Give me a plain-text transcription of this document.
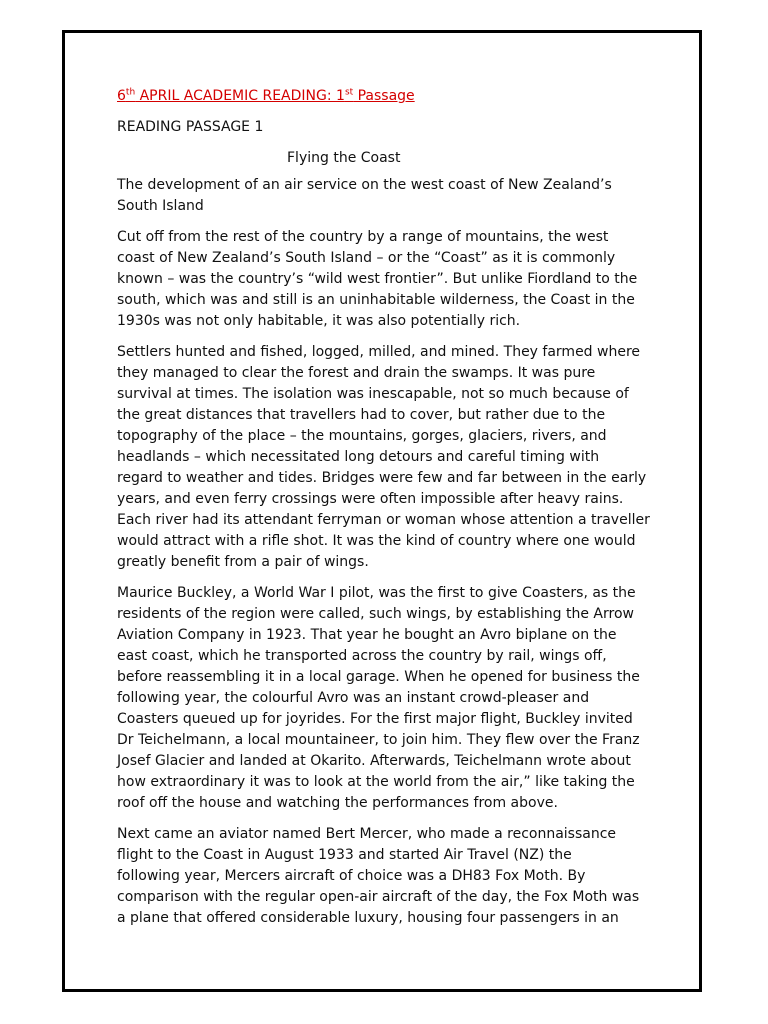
6th APRIL ACADEMIC READING: 1st Passage
READING PASSAGE 1
Flying the Coast
The development of an air service on the west coast of New Zealand’s
South Island
Cut off from the rest of the country by a range of mountains, the west
coast of New Zealand’s South Island – or the “Coast” as it is commonly
known – was the country’s “wild west frontier”. But unlike Fiordland to the
south, which was and still is an uninhabitable wilderness, the Coast in the
1930s was not only habitable, it was also potentially rich.
Settlers hunted and fished, logged, milled, and mined. They farmed where
they managed to clear the forest and drain the swamps. It was pure
survival at times. The isolation was inescapable, not so much because of
the great distances that travellers had to cover, but rather due to the
topography of the place – the mountains, gorges, glaciers, rivers, and
headlands – which necessitated long detours and careful timing with
regard to weather and tides. Bridges were few and far between in the early
years, and even ferry crossings were often impossible after heavy rains.
Each river had its attendant ferryman or woman whose attention a traveller
would attract with a rifle shot. It was the kind of country where one would
greatly benefit from a pair of wings.
Maurice Buckley, a World War I pilot, was the first to give Coasters, as the
residents of the region were called, such wings, by establishing the Arrow
Aviation Company in 1923. That year he bought an Avro biplane on the
east coast, which he transported across the country by rail, wings off,
before reassembling it in a local garage. When he opened for business the
following year, the colourful Avro was an instant crowd-pleaser and
Coasters queued up for joyrides. For the first major flight, Buckley invited
Dr Teichelmann, a local mountaineer, to join him. They flew over the Franz
Josef Glacier and landed at Okarito. Afterwards, Teichelmann wrote about
how extraordinary it was to look at the world from the air,” like taking the
roof off the house and watching the performances from above.
Next came an aviator named Bert Mercer, who made a reconnaissance
flight to the Coast in August 1933 and started Air Travel (NZ) the
following year, Mercers aircraft of choice was a DH83 Fox Moth. By
comparison with the regular open-air aircraft of the day, the Fox Moth was
a plane that offered considerable luxury, housing four passengers in an
